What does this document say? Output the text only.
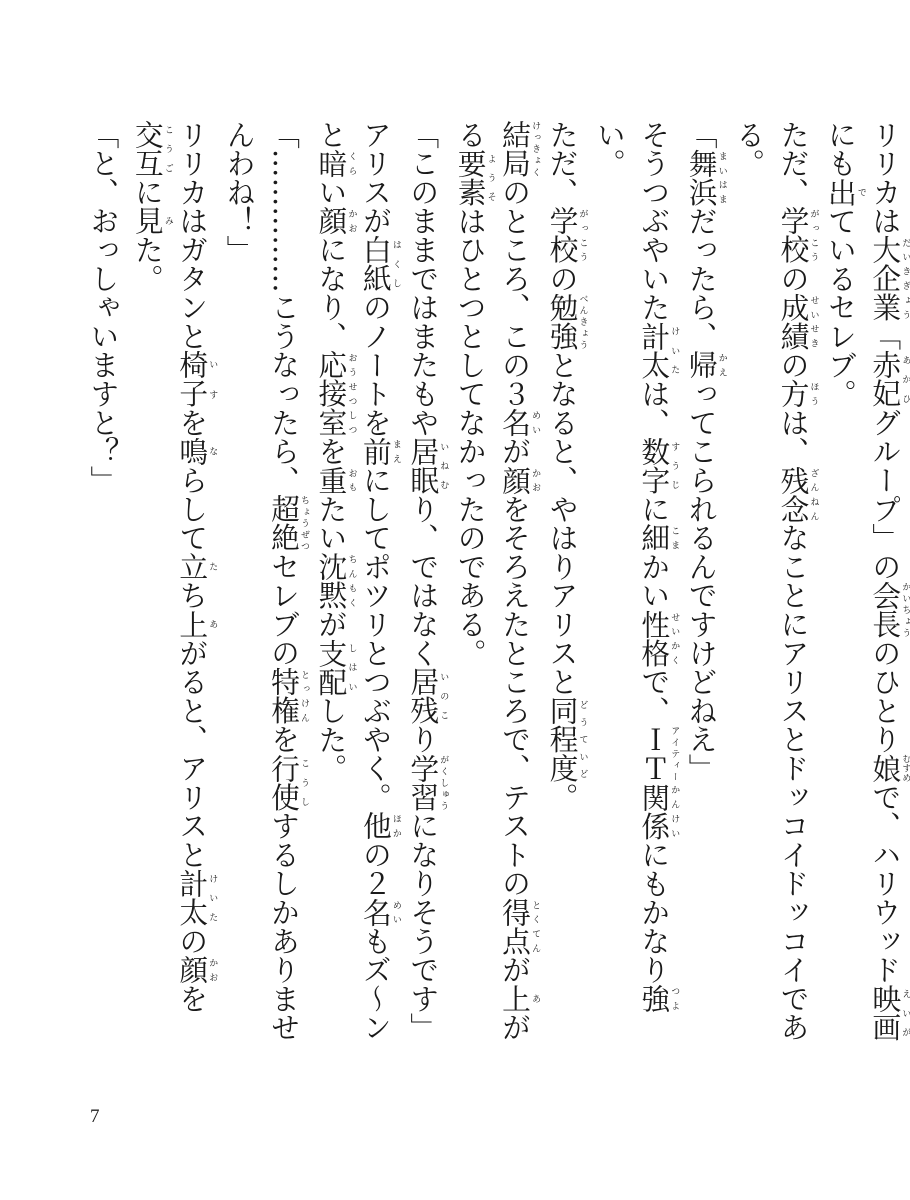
リリカは大企業だいきぎょう「赤妃あかひグループ」の会長かいちょうのひとり娘むすめで、ハリウッド映画えいがにも出でているセレブ。

ただ、学校がっこうの成績せいせきの方ほうは、残念ざんねんなことにアリスとドッコイドッコイである。

「舞浜まいはまだったら、帰かえってこられるんですけどねえ」

そうつぶやいた計太けいたは、数字すうじに細こまかい性格せいかくで、ＩＴアイティー関係かんけいにもかなり強つよい。

ただ、学校がっこうの勉強べんきょうとなると、やはりアリスと同程度どうていど。

結局けっきょくのところ、この３名めいが顔かおをそろえたところで、テストの得点とくてんが上あがる要素ようそはひとつとしてなかったのである。

「このままではまたもや居眠いねむり、ではなく居残いのこり学習がくしゅうになりそうです」

アリスが白紙はくしのノートを前まえにしてポツリとつぶやく。他ほかの２名めいもズ〜ンと暗くらい顔かおになり、応接室おうせつしつを重おもたい沈黙ちんもくが支配しはいした。

「……………こうなったら、超絶ちょうぜつセレブの特権とっけんを行使こうしするしかありませんわね！」

リリカはガタンと椅子いすを鳴ならして立たち上あがると、アリスと計太けいたの顔かおを交互こうごに見みた。

「と、おっしゃいますと？」

7
